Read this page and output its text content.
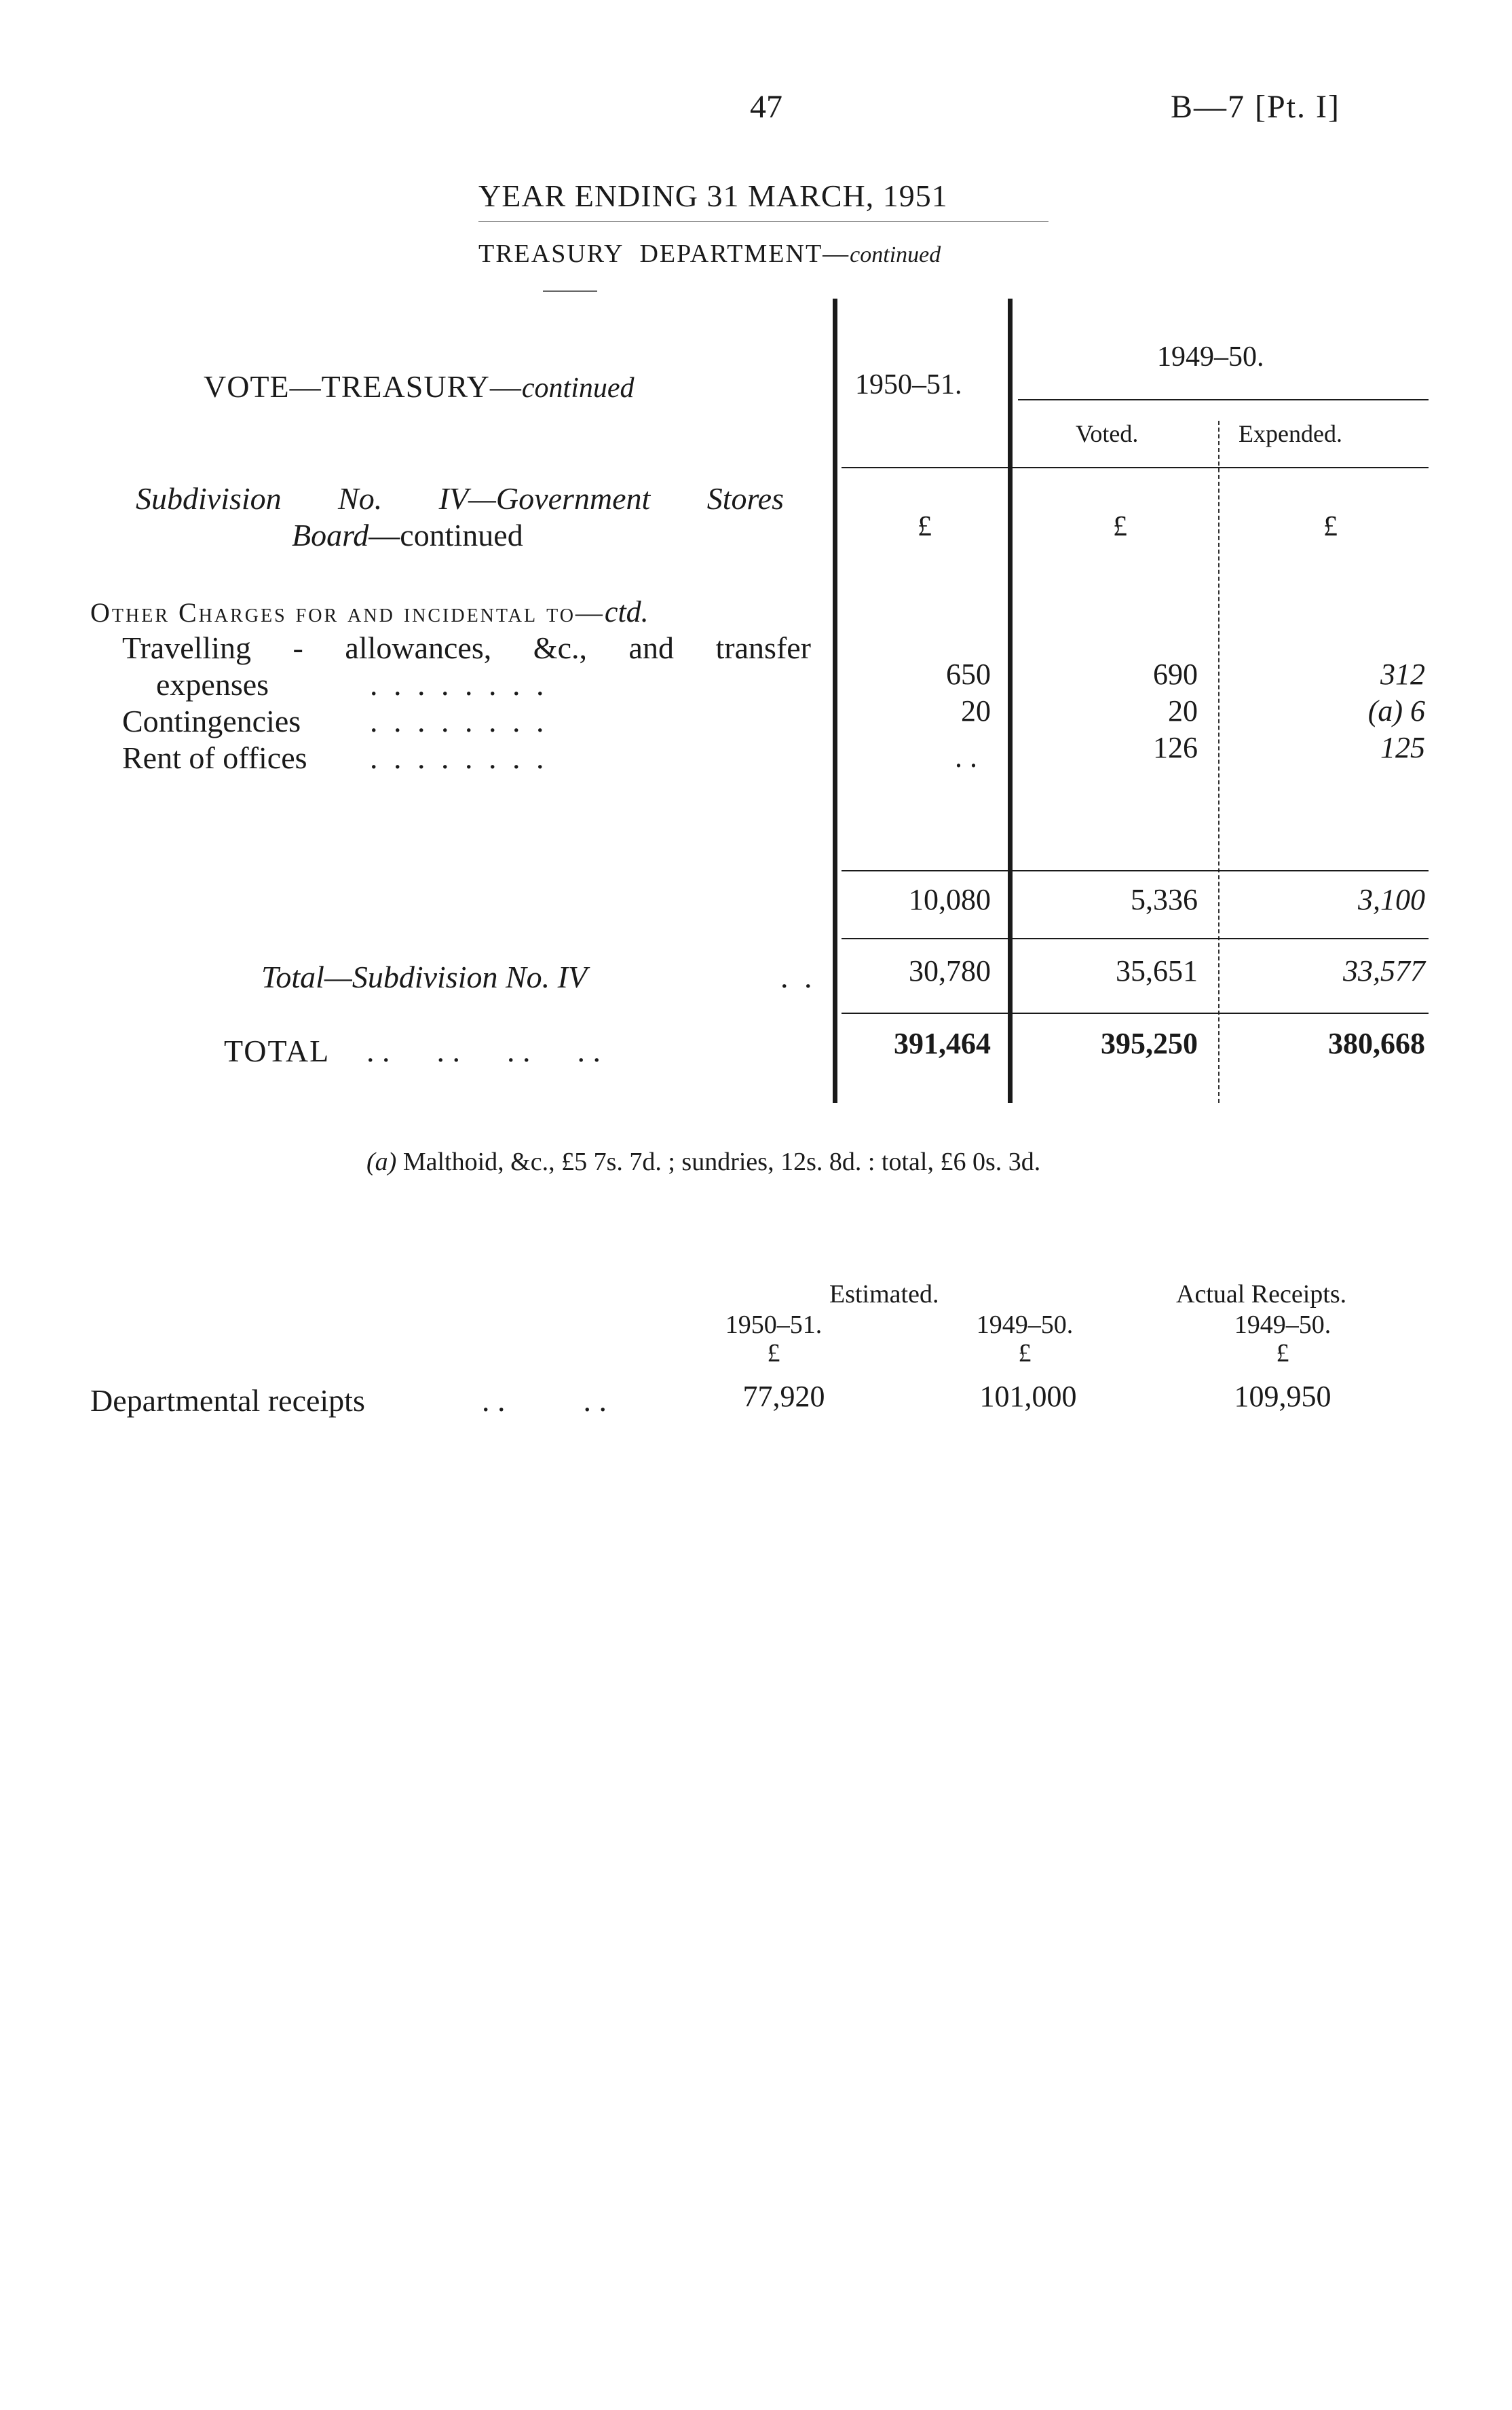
47	B—7 [Pt. I]
YEAR ENDING 31 MARCH, 1951
TREASURY DEPARTMENT—continued
VOTE—TREASURY—continued	1950–51.
1949–50.
Voted.	Expended.
£	£	£
Subdivision No. IV—Government Stores
Board—continued
Other Charges for and incidental to—ctd.
Travelling - allowances, &c., and transfer
expenses	. . . . . . . .	650	690	312
Contingencies . . . . . . . .	20	20	(a) 6
Rent of offices . . . . . . . .	. .	126	125
10,080	5,336	3,100
Total—Subdivision No. IV	. .	30,780	35,651	33,577
TOTAL . .      . .      . .      . .	391,464	395,250	380,668
(a) Malthoid, &c., £5 7s. 7d. ; sundries, 12s. 8d. : total, £6 0s. 3d.
Estimated.	Actual Receipts.
1950–51.	1949–50.	1949–50.
£	£	£
Departmental receipts	. .          . .	77,920	101,000	109,950
